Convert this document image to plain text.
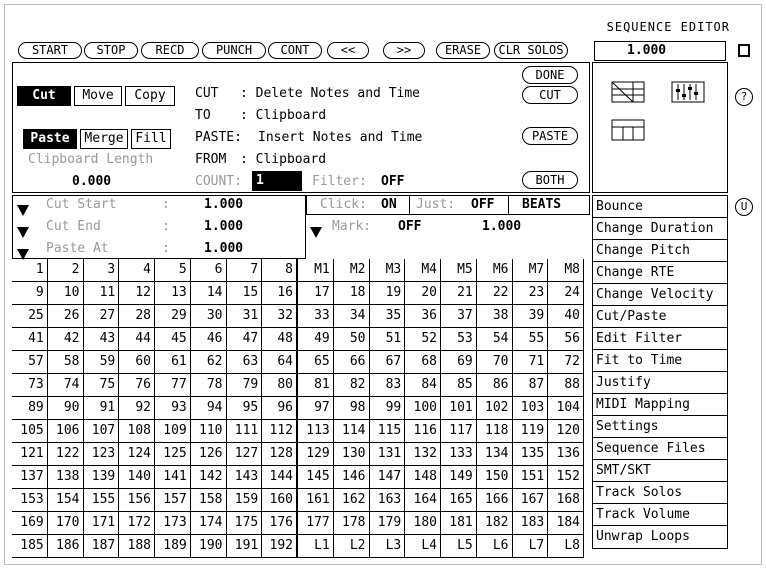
SEQUENCE EDITOR
START	STOP	RECD	PUNCH	CONT	<<	>>	ERASE	CLR SOLOS	1.000
?
U
Cut	Move	Copy
Paste	Merge Fill
Clipboard Length
0.000
CUT : Delete Notes and Time
TO : Clipboard
PASTE: Insert Notes and Time
FROM : Clipboard
COUNT:	1	Filter: OFF
DONE
CUT
PASTE
BOTH
Cut Start	:	1.000
Cut End	:	1.000
Paste At	:	1.000
Click: ON Just: OFF BEATS
Mark: OFF	1.000
1	2	3	4	5	6	7	8	M1	M2	M3	M4	M5	M6	M7	M8
9	10	11	12	13	14	15	16	17	18	19	20	21	22	23	24
25	26	27	28	29	30	31	32	33	34	35	36	37	38	39	40
41	42	43	44	45	46	47	48	49	50	51	52	53	54	55	56
57	58	59	60	61	62	63	64	65	66	67	68	69	70	71	72
73	74	75	76	77	78	79	80	81	82	83	84	85	86	87	88
89	90	91	92	93	94	95	96	97	98	99 100 101 102 103 104
105 106 107 108 109 110 111 112	113 114 115 116 117 118 119 120
121 122 123 124 125 126 127 128	129 130 131 132 133 134 135 136
137 138 139 140 141 142 143 144	145 146 147 148 149 150 151 152
153 154 155 156 157 158 159 160	161 162 163 164 165 166 167 168
169 170 171 172 173 174 175 176	177 178 179 180 181 182 183 184
185 186 187 188 189 190 191 192	L1	L2	L3	L4	L5	L6	L7	L8
Bounce
Change Duration
Change Pitch
Change RTE
Change Velocity
Cut/Paste
Edit Filter
Fit to Time
Justify
MIDI Mapping
Settings
Sequence Files
SMT/SKT
Track Solos
Track Volume
Unwrap Loops
